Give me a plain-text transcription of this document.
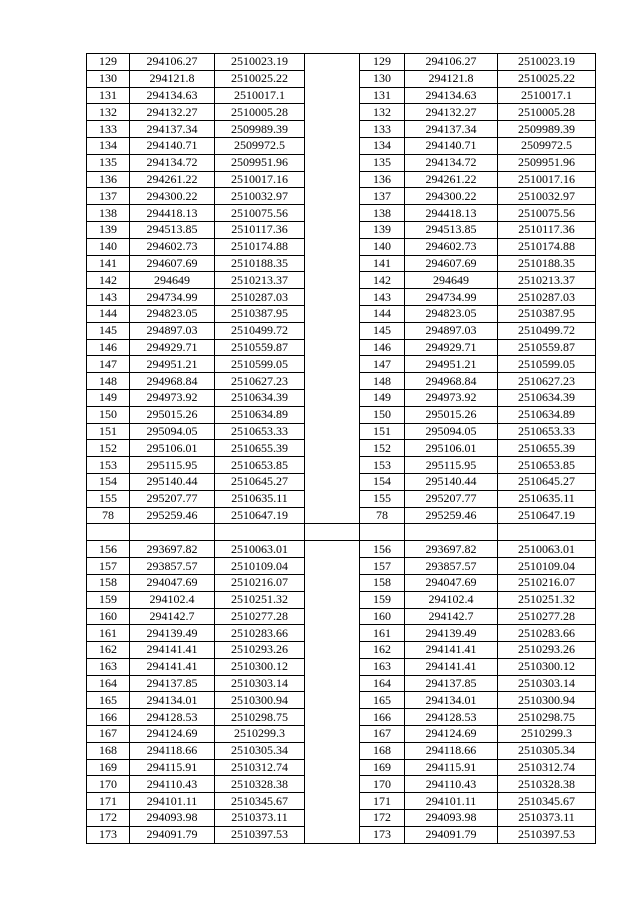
129	294106.27	2510023.19		129	294106.27	2510023.19
130	294121.8	2510025.22		130	294121.8	2510025.22
131	294134.63	2510017.1		131	294134.63	2510017.1
132	294132.27	2510005.28		132	294132.27	2510005.28
133	294137.34	2509989.39		133	294137.34	2509989.39
134	294140.71	2509972.5		134	294140.71	2509972.5
135	294134.72	2509951.96		135	294134.72	2509951.96
136	294261.22	2510017.16		136	294261.22	2510017.16
137	294300.22	2510032.97		137	294300.22	2510032.97
138	294418.13	2510075.56		138	294418.13	2510075.56
139	294513.85	2510117.36		139	294513.85	2510117.36
140	294602.73	2510174.88		140	294602.73	2510174.88
141	294607.69	2510188.35		141	294607.69	2510188.35
142	294649	2510213.37		142	294649	2510213.37
143	294734.99	2510287.03		143	294734.99	2510287.03
144	294823.05	2510387.95		144	294823.05	2510387.95
145	294897.03	2510499.72		145	294897.03	2510499.72
146	294929.71	2510559.87		146	294929.71	2510559.87
147	294951.21	2510599.05		147	294951.21	2510599.05
148	294968.84	2510627.23		148	294968.84	2510627.23
149	294973.92	2510634.39		149	294973.92	2510634.39
150	295015.26	2510634.89		150	295015.26	2510634.89
151	295094.05	2510653.33		151	295094.05	2510653.33
152	295106.01	2510655.39		152	295106.01	2510655.39
153	295115.95	2510653.85		153	295115.95	2510653.85
154	295140.44	2510645.27		154	295140.44	2510645.27
155	295207.77	2510635.11		155	295207.77	2510635.11
78	295259.46	2510647.19		78	295259.46	2510647.19

156	293697.82	2510063.01		156	293697.82	2510063.01
157	293857.57	2510109.04		157	293857.57	2510109.04
158	294047.69	2510216.07		158	294047.69	2510216.07
159	294102.4	2510251.32		159	294102.4	2510251.32
160	294142.7	2510277.28		160	294142.7	2510277.28
161	294139.49	2510283.66		161	294139.49	2510283.66
162	294141.41	2510293.26		162	294141.41	2510293.26
163	294141.41	2510300.12		163	294141.41	2510300.12
164	294137.85	2510303.14		164	294137.85	2510303.14
165	294134.01	2510300.94		165	294134.01	2510300.94
166	294128.53	2510298.75		166	294128.53	2510298.75
167	294124.69	2510299.3		167	294124.69	2510299.3
168	294118.66	2510305.34		168	294118.66	2510305.34
169	294115.91	2510312.74		169	294115.91	2510312.74
170	294110.43	2510328.38		170	294110.43	2510328.38
171	294101.11	2510345.67		171	294101.11	2510345.67
172	294093.98	2510373.11		172	294093.98	2510373.11
173	294091.79	2510397.53		173	294091.79	2510397.53
